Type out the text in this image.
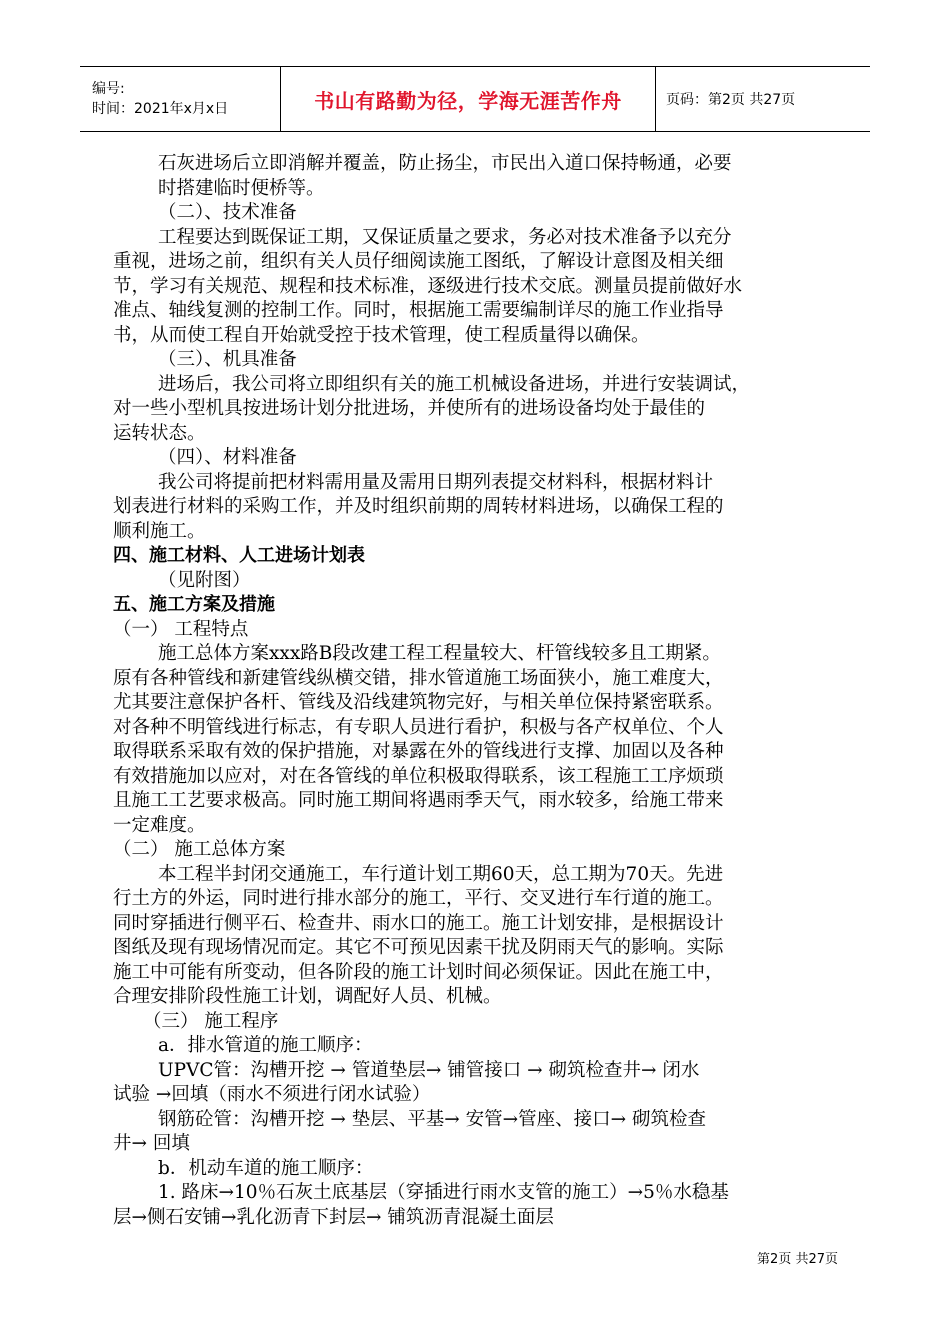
编号:
时间：2021年x月x日	书山有路勤为径，学海无涯苦作舟	页码：第2页 共27页
石灰进场后立即消解并覆盖，防止扬尘，市民出入道口保持畅通，必要
时搭建临时便桥等。
（二）、技术准备
工程要达到既保证工期，又保证质量之要求，务必对技术准备予以充分
重视，进场之前，组织有关人员仔细阅读施工图纸，了解设计意图及相关细
节，学习有关规范、规程和技术标准，逐级进行技术交底。测量员提前做好水
准点、轴线复测的控制工作。同时，根据施工需要编制详尽的施工作业指导
书，从而使工程自开始就受控于技术管理，使工程质量得以确保。
（三）、机具准备
进场后，我公司将立即组织有关的施工机械设备进场，并进行安装调试，
对一些小型机具按进场计划分批进场，并使所有的进场设备均处于最佳的
运转状态。
（四）、材料准备
我公司将提前把材料需用量及需用日期列表提交材料科，根据材料计
划表进行材料的采购工作，并及时组织前期的周转材料进场，以确保工程的
顺利施工。
四、施工材料、人工进场计划表
（见附图）
五、施工方案及措施
（一） 工程特点
施工总体方案xxx路B段改建工程工程量较大、杆管线较多且工期紧。
原有各种管线和新建管线纵横交错，排水管道施工场面狭小，施工难度大，
尤其要注意保护各杆、管线及沿线建筑物完好，与相关单位保持紧密联系。
对各种不明管线进行标志，有专职人员进行看护，积极与各产权单位、个人
取得联系采取有效的保护措施，对暴露在外的管线进行支撑、加固以及各种
有效措施加以应对，对在各管线的单位积极取得联系，该工程施工工序烦琐
且施工工艺要求极高。同时施工期间将遇雨季天气，雨水较多，给施工带来
一定难度。
（二） 施工总体方案
本工程半封闭交通施工，车行道计划工期60天，总工期为70天。先进
行土方的外运，同时进行排水部分的施工，平行、交叉进行车行道的施工。
同时穿插进行侧平石、检查井、雨水口的施工。施工计划安排，是根据设计
图纸及现有现场情况而定。其它不可预见因素干扰及阴雨天气的影响。实际
施工中可能有所变动，但各阶段的施工计划时间必须保证。因此在施工中，
合理安排阶段性施工计划，调配好人员、机械。
（三） 施工程序
a．排水管道的施工顺序：
UPVC管：沟槽开挖 → 管道垫层→ 铺管接口 → 砌筑检查井→ 闭水
试验 →回填（雨水不须进行闭水试验）
钢筋砼管：沟槽开挖 → 垫层、平基→ 安管→管座、接口→ 砌筑检查
井→ 回填
b．机动车道的施工顺序：
1. 路床→10％石灰土底基层（穿插进行雨水支管的施工）→5％水稳基
层→侧石安铺→乳化沥青下封层→ 铺筑沥青混凝土面层
第2页 共27页
